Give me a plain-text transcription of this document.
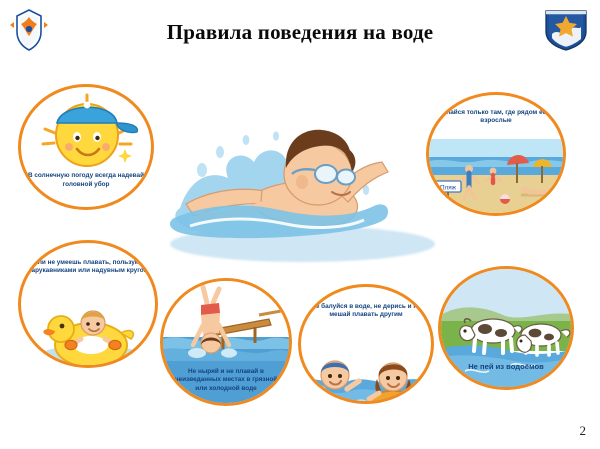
Правила поведения на воде
В солнечную погоду всегда надевай головной убор
Пляж
Купайся только там, где рядом есть взрослые
Если не умеешь плавать, пользуйся нарукавниками или надувным кругом
Не ныряй и не плавай в неизведанных местах в грязной или холодной воде
Не балуйся в воде, не дерись и не мешай плавать другим
Не пей из водоёмов
2
